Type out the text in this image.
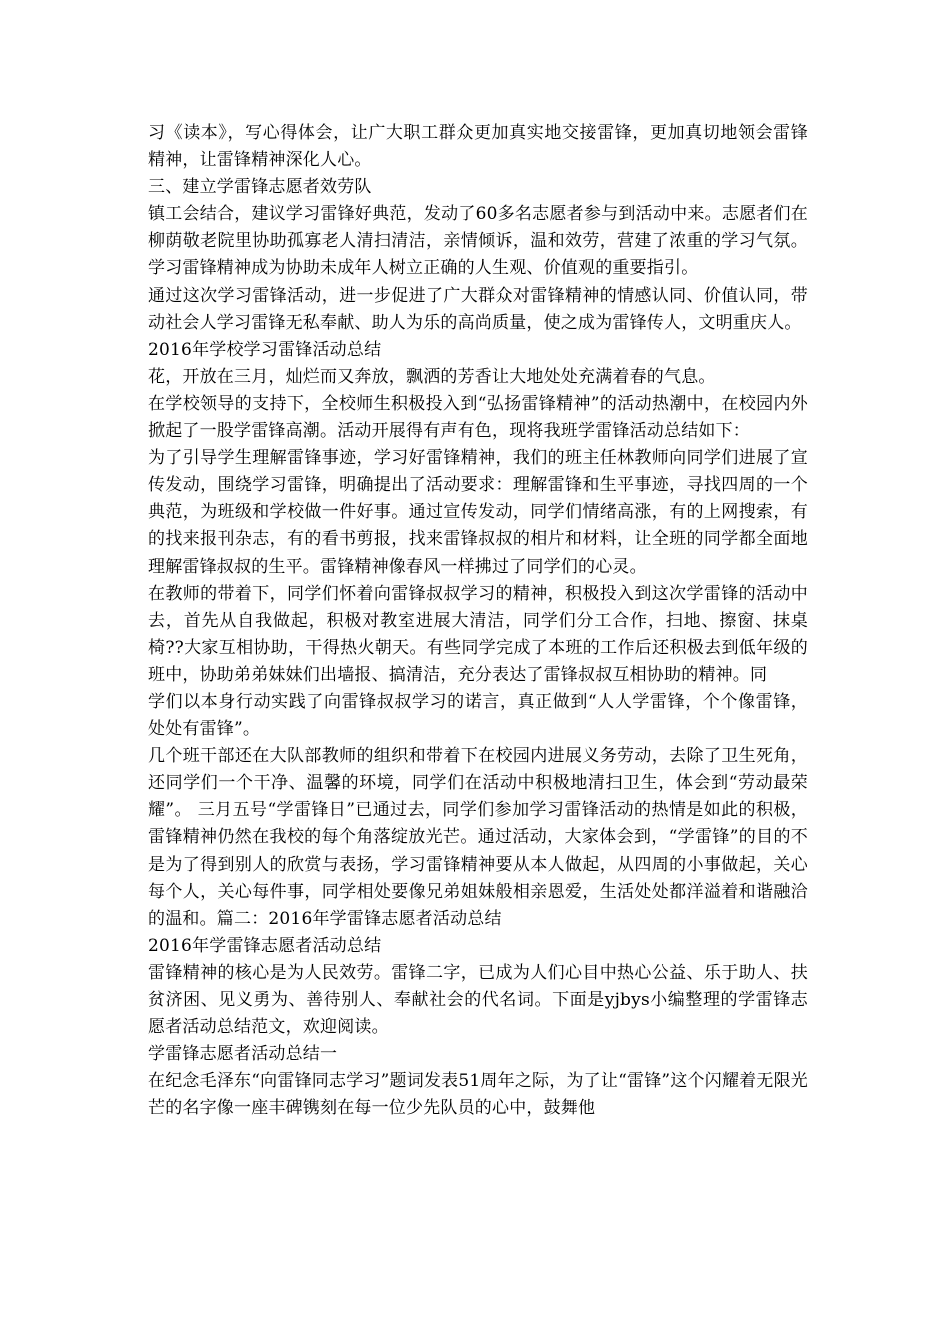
习《读本》，写心得体会，让广大职工群众更加真实地交接雷锋，更加真切地领会雷锋精神，让雷锋精神深化人心。

三、建立学雷锋志愿者效劳队

镇工会结合，建议学习雷锋好典范，发动了60多名志愿者参与到活动中来。志愿者们在柳荫敬老院里协助孤寡老人清扫清洁，亲情倾诉，温和效劳，营建了浓重的学习气氛。学习雷锋精神成为协助未成年人树立正确的人生观、价值观的重要指引。

通过这次学习雷锋活动，进一步促进了广大群众对雷锋精神的情感认同、价值认同，带动社会人学习雷锋无私奉献、助人为乐的高尚质量，使之成为雷锋传人，文明重庆人。

2016年学校学习雷锋活动总结

花，开放在三月，灿烂而又奔放，飘洒的芳香让大地处处充满着春的气息。

在学校领导的支持下，全校师生积极投入到“弘扬雷锋精神”的活动热潮中，在校园内外掀起了一股学雷锋高潮。活动开展得有声有色，现将我班学雷锋活动总结如下：

为了引导学生理解雷锋事迹，学习好雷锋精神，我们的班主任林教师向同学们进展了宣传发动，围绕学习雷锋，明确提出了活动要求：理解雷锋和生平事迹，寻找四周的一个典范，为班级和学校做一件好事。通过宣传发动，同学们情绪高涨，有的上网搜索，有的找来报刊杂志，有的看书剪报，找来雷锋叔叔的相片和材料，让全班的同学都全面地理解雷锋叔叔的生平。雷锋精神像春风一样拂过了同学们的心灵。

在教师的带着下，同学们怀着向雷锋叔叔学习的精神，积极投入到这次学雷锋的活动中去，首先从自我做起，积极对教室进展大清洁，同学们分工合作，扫地、擦窗、抹桌椅??大家互相协助，干得热火朝天。有些同学完成了本班的工作后还积极去到低年级的班中，协助弟弟妹妹们出墙报、搞清洁，充分表达了雷锋叔叔互相协助的精神。同

学们以本身行动实践了向雷锋叔叔学习的诺言，真正做到“人人学雷锋，个个像雷锋，处处有雷锋”。

几个班干部还在大队部教师的组织和带着下在校园内进展义务劳动，去除了卫生死角，还同学们一个干净、温馨的环境，同学们在活动中积极地清扫卫生，体会到“劳动最荣耀”。 三月五号“学雷锋日”已通过去，同学们参加学习雷锋活动的热情是如此的积极，雷锋精神仍然在我校的每个角落绽放光芒。通过活动，大家体会到，“学雷锋”的目的不是为了得到别人的欣赏与表扬，学习雷锋精神要从本人做起，从四周的小事做起，关心每个人，关心每件事，同学相处要像兄弟姐妹般相亲恩爱，生活处处都洋溢着和谐融洽的温和。篇二：2016年学雷锋志愿者活动总结

2016年学雷锋志愿者活动总结

雷锋精神的核心是为人民效劳。雷锋二字，已成为人们心目中热心公益、乐于助人、扶贫济困、见义勇为、善待别人、奉献社会的代名词。下面是yjbys小编整理的学雷锋志愿者活动总结范文，欢迎阅读。

学雷锋志愿者活动总结一

在纪念毛泽东“向雷锋同志学习”题词发表51周年之际，为了让“雷锋”这个闪耀着无限光芒的名字像一座丰碑镌刻在每一位少先队员的心中，鼓舞他
